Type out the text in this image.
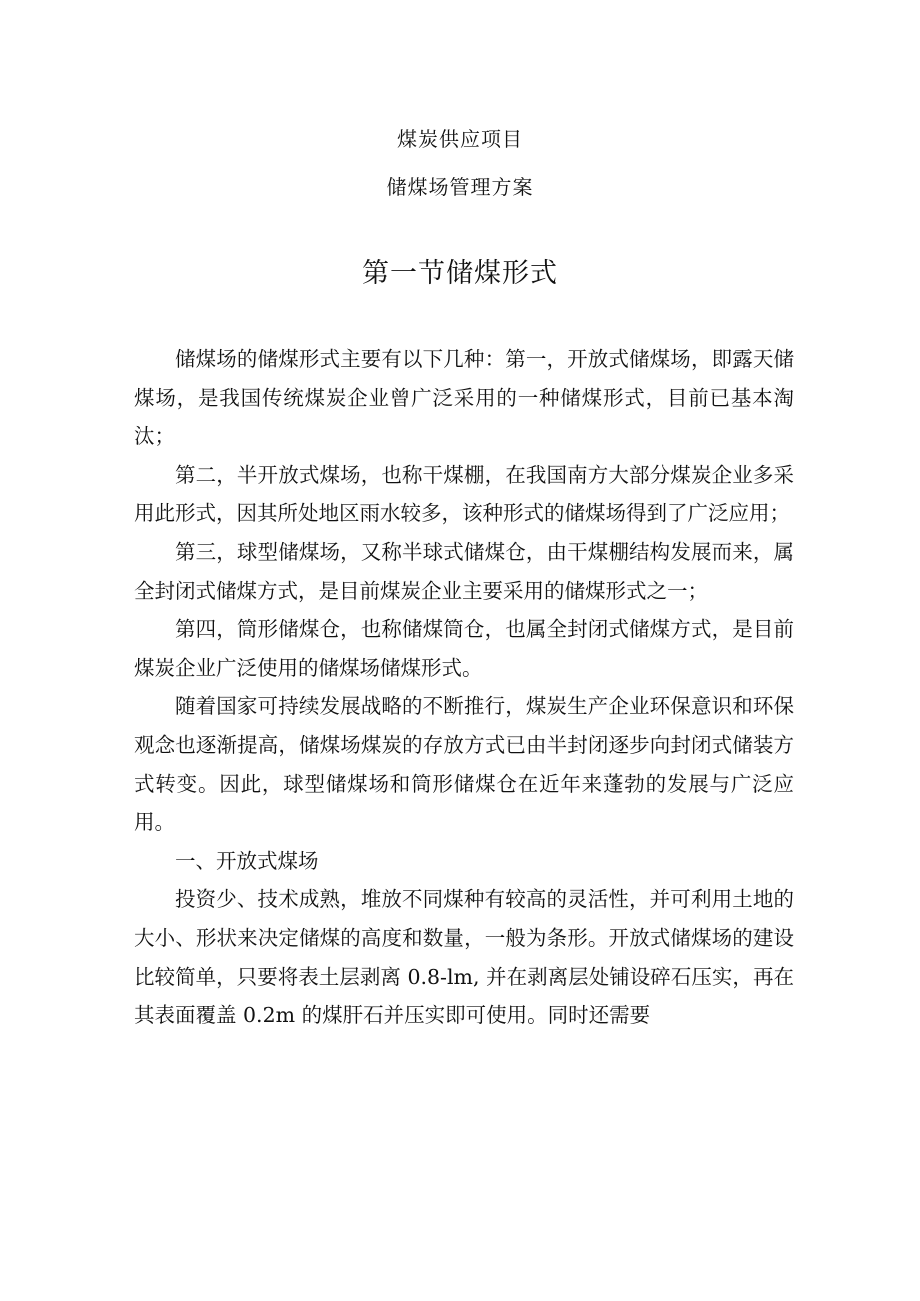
煤炭供应项目
储煤场管理方案
第一节储煤形式

储煤场的储煤形式主要有以下几种：第一，开放式储煤场，即露天储煤场，是我国传统煤炭企业曾广泛采用的一种储煤形式，目前已基本淘汰；

第二，半开放式煤场，也称干煤棚，在我国南方大部分煤炭企业多采用此形式，因其所处地区雨水较多，该种形式的储煤场得到了广泛应用；

第三，球型储煤场，又称半球式储煤仓，由干煤棚结构发展而来，属全封闭式储煤方式，是目前煤炭企业主要采用的储煤形式之一；

第四，筒形储煤仓，也称储煤筒仓，也属全封闭式储煤方式，是目前煤炭企业广泛使用的储煤场储煤形式。

随着国家可持续发展战略的不断推行，煤炭生产企业环保意识和环保观念也逐渐提高，储煤场煤炭的存放方式已由半封闭逐步向封闭式储装方式转变。因此，球型储煤场和筒形储煤仓在近年来蓬勃的发展与广泛应用。

一、开放式煤场

投资少、技术成熟，堆放不同煤种有较高的灵活性，并可利用土地的大小、形状来决定储煤的高度和数量，一般为条形。开放式储煤场的建设比较简单，只要将表土层剥离 0.8-lm, 并在剥离层处铺设碎石压实，再在其表面覆盖 0.2m 的煤肝石并压实即可使用。同时还需要
